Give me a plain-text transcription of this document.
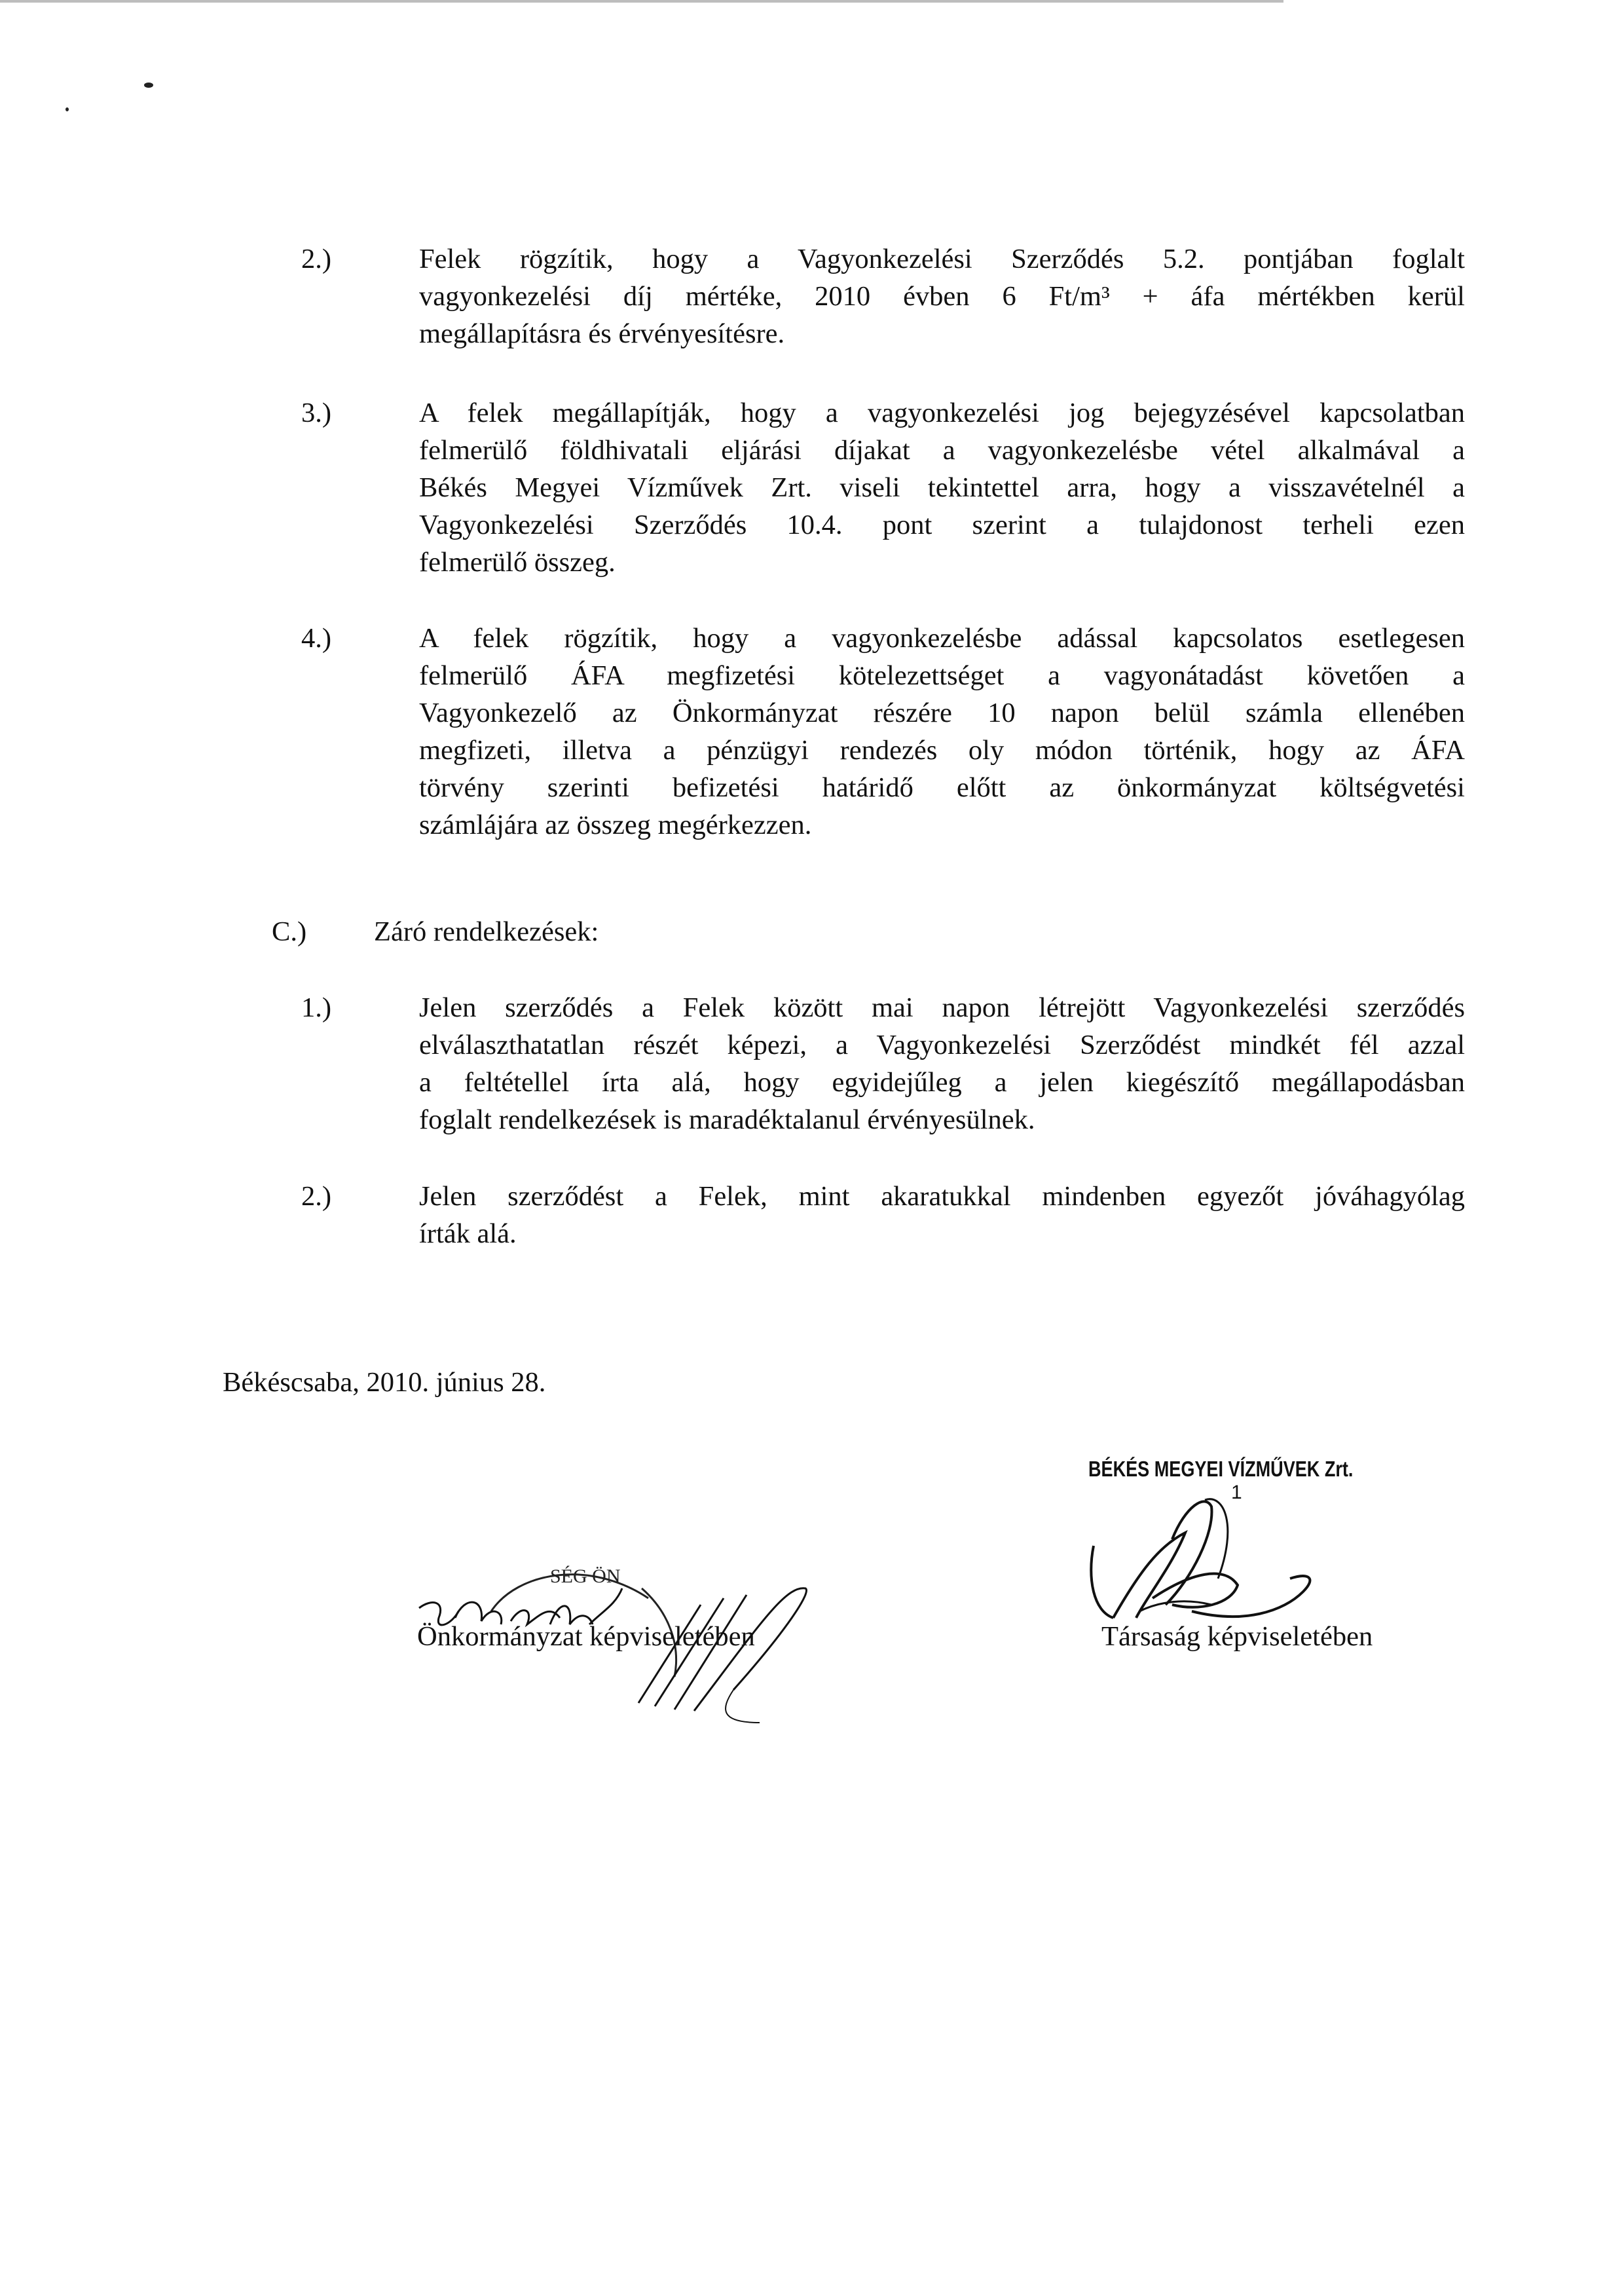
2.)	Felek rögzítik, hogy a Vagyonkezelési Szerződés 5.2. pontjában foglalt
vagyonkezelési díj mértéke, 2010 évben 6 Ft/m³ + áfa mértékben kerül
megállapításra és érvényesítésre.
3.)	A felek megállapítják, hogy a vagyonkezelési jog bejegyzésével kapcsolatban
felmerülő földhivatali eljárási díjakat a vagyonkezelésbe vétel alkalmával a
Békés Megyei Vízművek Zrt. viseli tekintettel arra, hogy a visszavételnél a
Vagyonkezelési Szerződés 10.4. pont szerint a tulajdonost terheli ezen
felmerülő összeg.
4.)	A felek rögzítik, hogy a vagyonkezelésbe adással kapcsolatos esetlegesen
felmerülő ÁFA megfizetési kötelezettséget a vagyonátadást követően a
Vagyonkezelő az Önkormányzat részére 10 napon belül számla ellenében
megfizeti, illetva a pénzügyi rendezés oly módon történik, hogy az ÁFA
törvény szerinti befizetési határidő előtt az önkormányzat költségvetési
számlájára az összeg megérkezzen.
C.) Záró rendelkezések:
1.)	Jelen szerződés a Felek között mai napon létrejött Vagyonkezelési szerződés
elválaszthatatlan részét képezi, a Vagyonkezelési Szerződést mindkét fél azzal
a feltétellel írta alá, hogy egyidejűleg a jelen kiegészítő megállapodásban
foglalt rendelkezések is maradéktalanul érvényesülnek.
2.)	Jelen szerződést a Felek, mint akaratukkal mindenben egyezőt jóváhagyólag
írták alá.
Békéscsaba, 2010. június 28.
BÉKÉS MEGYEI VÍZMŰVEK Zrt.
1
SÉG ÖN
Önkormányzat képviseletében	Társaság képviseletében
